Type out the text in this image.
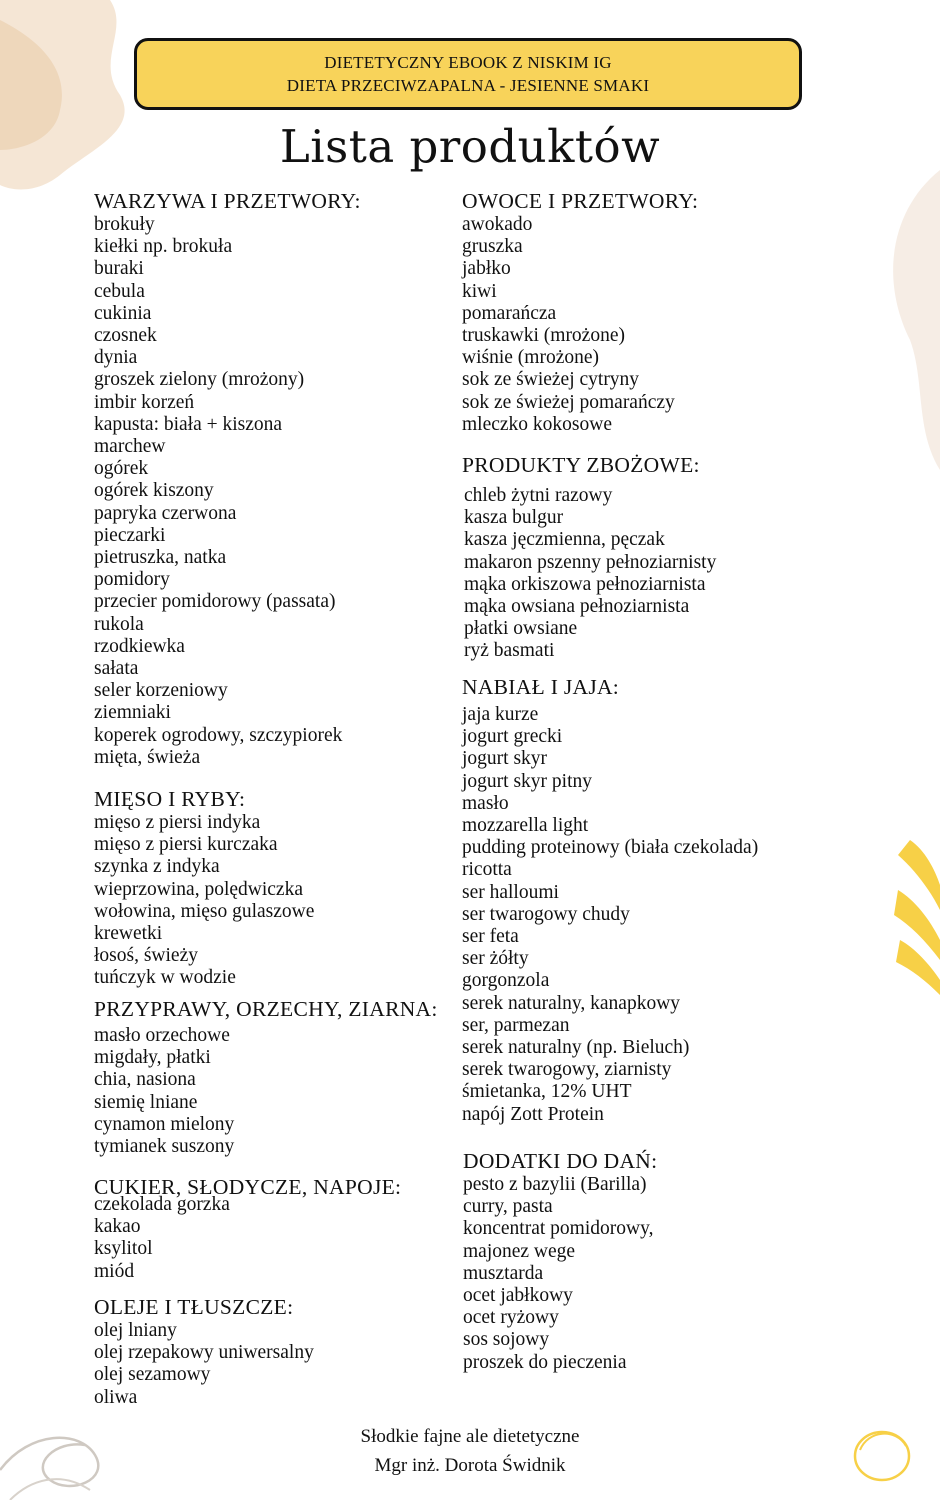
DIETETYCZNY EBOOK Z NISKIM IG
DIETA PRZECIWZAPALNA - JESIENNE SMAKI
Lista produktów
WARZYWA I PRZETWORY:
brokuły
kiełki np. brokuła
buraki
cebula
cukinia
czosnek
dynia
groszek zielony (mrożony)
imbir korzeń
kapusta: biała + kiszona
marchew
ogórek
ogórek kiszony
papryka czerwona
pieczarki
pietruszka, natka
pomidory
przecier pomidorowy (passata)
rukola
rzodkiewka
sałata
seler korzeniowy
ziemniaki
koperek ogrodowy, szczypiorek
mięta, świeża
MIĘSO I RYBY:
mięso z piersi indyka
mięso z piersi kurczaka
szynka z indyka
wieprzowina, polędwiczka
wołowina, mięso gulaszowe
krewetki
łosoś, świeży
tuńczyk w wodzie
PRZYPRAWY, ORZECHY, ZIARNA:
masło orzechowe
migdały, płatki
chia, nasiona
siemię lniane
cynamon mielony
tymianek suszony
CUKIER, SŁODYCZE, NAPOJE:
czekolada gorzka
kakao
ksylitol
miód
OLEJE I TŁUSZCZE:
olej lniany
olej rzepakowy uniwersalny
olej sezamowy
oliwa
OWOCE I PRZETWORY:
awokado
gruszka
jabłko
kiwi
pomarańcza
truskawki (mrożone)
wiśnie (mrożone)
sok ze świeżej cytryny
sok ze świeżej pomarańczy
mleczko kokosowe
PRODUKTY ZBOŻOWE:
chleb żytni razowy
kasza bulgur
kasza jęczmienna, pęczak
makaron pszenny pełnoziarnisty
mąka orkiszowa pełnoziarnista
mąka owsiana pełnoziarnista
płatki owsiane
ryż basmati
NABIAŁ I JAJA:
jaja kurze
jogurt grecki
jogurt skyr
jogurt skyr pitny
masło
mozzarella light
pudding proteinowy (biała czekolada)
ricotta
ser halloumi
ser twarogowy chudy
ser feta
ser żółty
gorgonzola
serek naturalny, kanapkowy
ser, parmezan
serek naturalny (np. Bieluch)
serek twarogowy, ziarnisty
śmietanka, 12% UHT
napój Zott Protein
DODATKI DO DAŃ:
pesto z bazylii (Barilla)
curry, pasta
koncentrat pomidorowy,
majonez wege
musztarda
ocet jabłkowy
ocet ryżowy
sos sojowy
proszek do pieczenia
Słodkie fajne ale dietetyczne
Mgr inż. Dorota Świdnik
